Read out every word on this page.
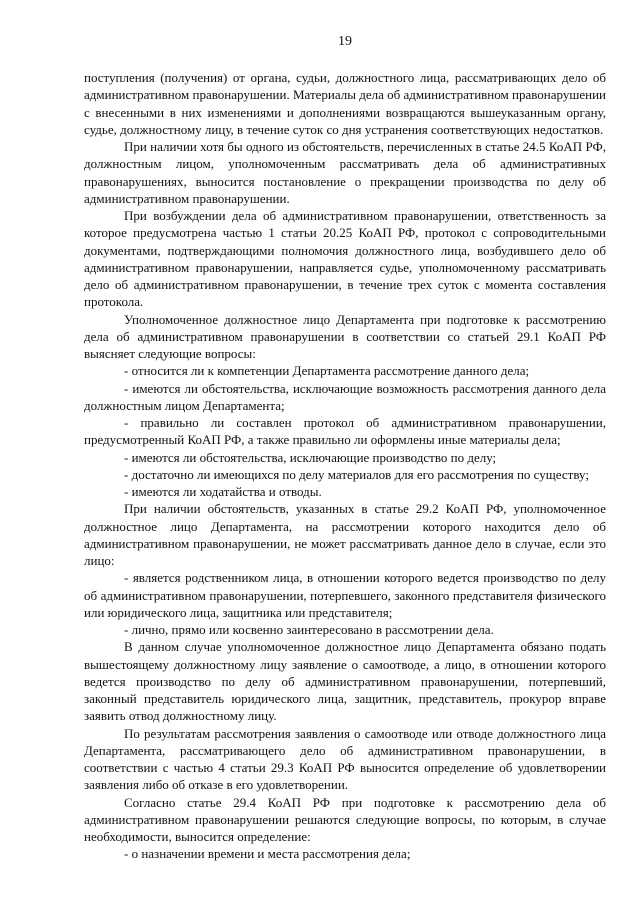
19

поступления (получения) от органа, судьи, должностного лица, рассматривающих дело об административном правонарушении. Материалы дела об административном правонарушении с внесенными в них изменениями и дополнениями возвращаются вышеуказанным органу, судье, должностному лицу, в течение суток со дня устранения соответствующих недостатков.

При наличии хотя бы одного из обстоятельств, перечисленных в статье 24.5 КоАП РФ, должностным лицом, уполномоченным рассматривать дела об административных правонарушениях, выносится постановление о прекращении производства по делу об административном правонарушении.

При возбуждении дела об административном правонарушении, ответственность за которое предусмотрена частью 1 статьи 20.25 КоАП РФ, протокол с сопроводительными документами, подтверждающими полномочия должностного лица, возбудившего дело об административном правонарушении, направляется судье, уполномоченному рассматривать дело об административном правонарушении, в течение трех суток с момента составления протокола.

Уполномоченное должностное лицо Департамента при подготовке к рассмотрению дела об административном правонарушении в соответствии со статьей 29.1 КоАП РФ выясняет следующие вопросы:

- относится ли к компетенции Департамента рассмотрение данного дела;

- имеются ли обстоятельства, исключающие возможность рассмотрения данного дела должностным лицом Департамента;

- правильно ли составлен протокол об административном правонарушении, предусмотренный КоАП РФ, а также правильно ли оформлены иные материалы дела;

- имеются ли обстоятельства, исключающие производство по делу;

- достаточно ли имеющихся по делу материалов для его рассмотрения по существу;

- имеются ли ходатайства и отводы.

При наличии обстоятельств, указанных в статье 29.2 КоАП РФ, уполномоченное должностное лицо Департамента, на рассмотрении которого находится дело об административном правонарушении, не может рассматривать данное дело в случае, если это лицо:

- является родственником лица, в отношении которого ведется производство по делу об административном правонарушении, потерпевшего, законного представителя физического или юридического лица, защитника или представителя;

- лично, прямо или косвенно заинтересовано в рассмотрении дела.

В данном случае уполномоченное должностное лицо Департамента обязано подать вышестоящему должностному лицу заявление о самоотводе, а лицо, в отношении которого ведется производство по делу об административном правонарушении, потерпевший, законный представитель юридического лица, защитник, представитель, прокурор вправе заявить отвод должностному лицу.

По результатам рассмотрения заявления о самоотводе или отводе должностного лица Департамента, рассматривающего дело об административном правонарушении, в соответствии с частью 4 статьи 29.3 КоАП РФ выносится определение об удовлетворении заявления либо об отказе в его удовлетворении.

Согласно статье 29.4 КоАП РФ при подготовке к рассмотрению дела об административном правонарушении решаются следующие вопросы, по которым, в случае необходимости, выносится определение:

- о назначении времени и места рассмотрения дела;
